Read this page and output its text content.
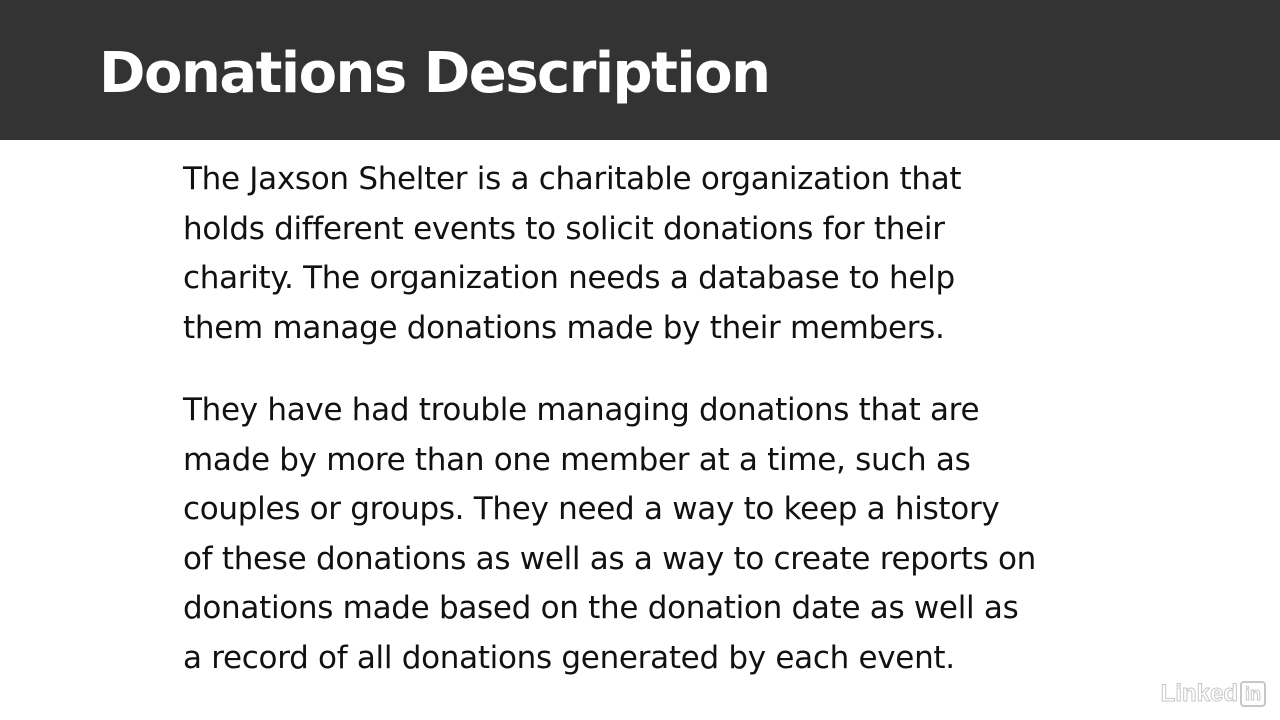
Donations Description

The Jaxson Shelter is a charitable organization that
holds different events to solicit donations for their
charity. The organization needs a database to help
them manage donations made by their members.

They have had trouble managing donations that are
made by more than one member at a time, such as
couples or groups. They need a way to keep a history
of these donations as well as a way to create reports on
donations made based on the donation date as well as
a record of all donations generated by each event.

Linked in
